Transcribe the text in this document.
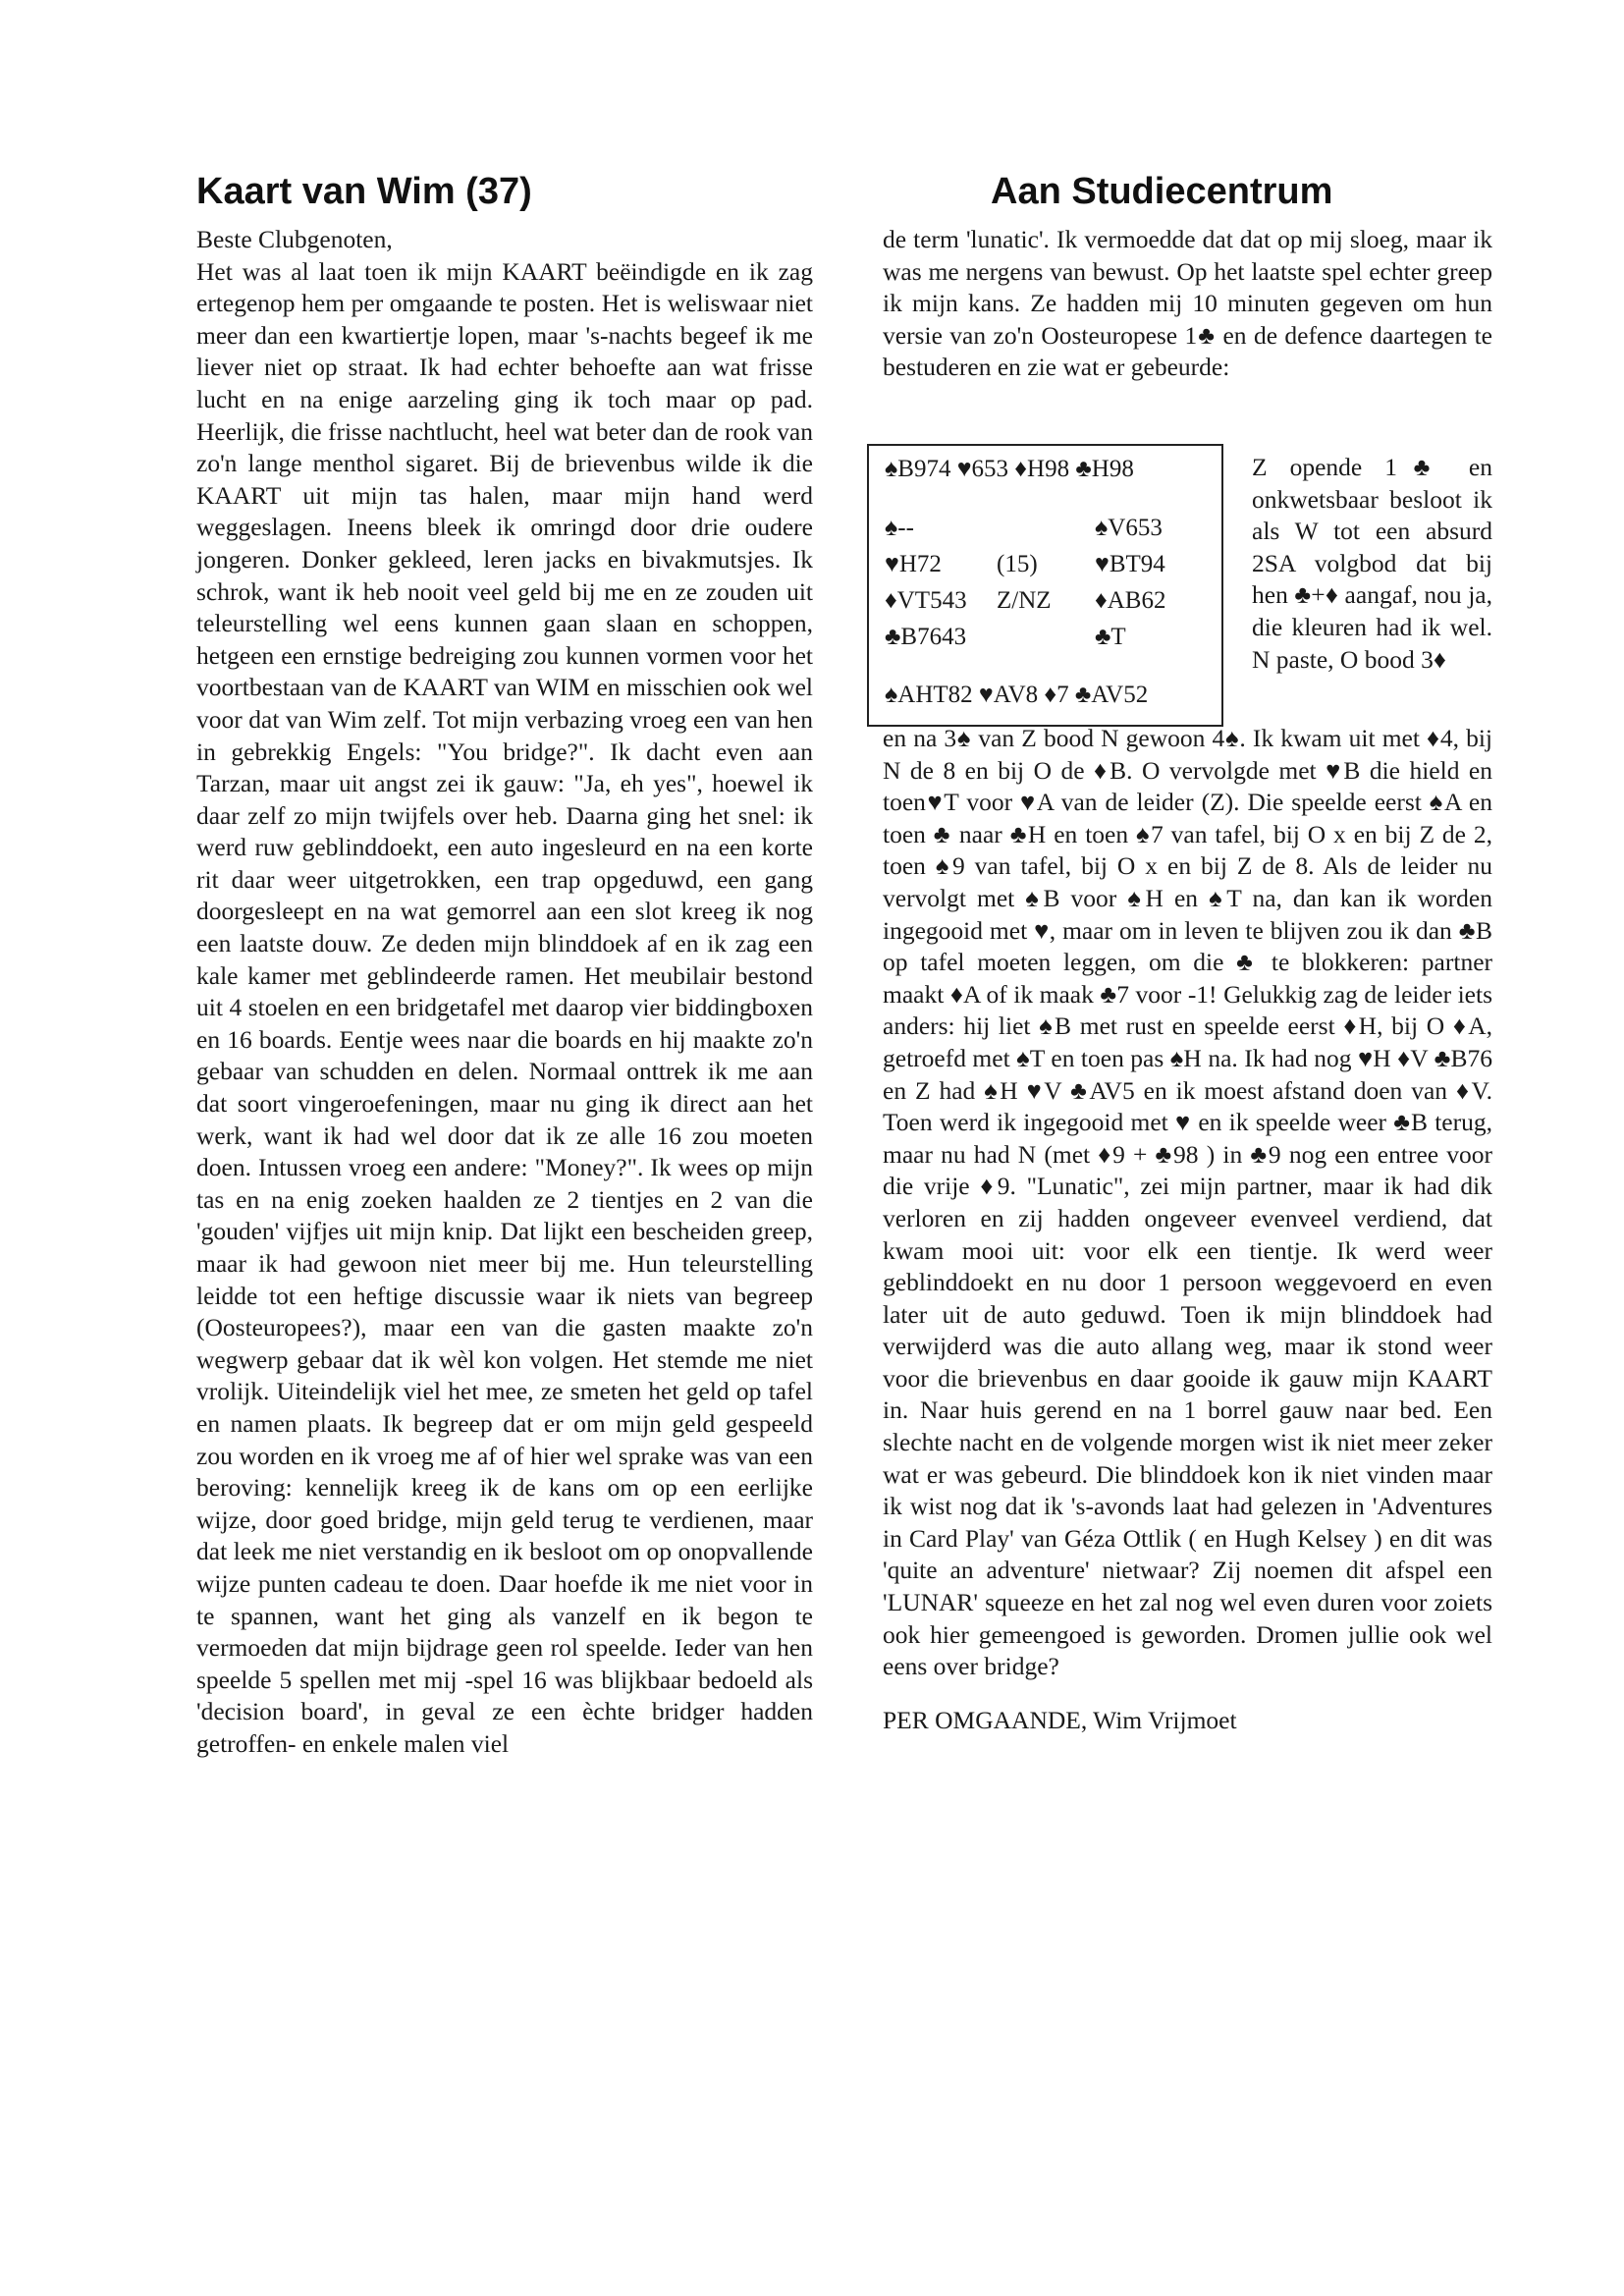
Kaart van Wim (37)	Aan Studiecentrum

Beste Clubgenoten,
Het was al laat toen ik mijn KAART beëindigde en ik zag ertegenop hem per omgaande te posten. Het is weliswaar niet meer dan een kwartiertje lopen, maar 's-nachts begeef ik me liever niet op straat. Ik had echter behoefte aan wat frisse lucht en na enige aarzeling ging ik toch maar op pad. Heerlijk, die frisse nachtlucht, heel wat beter dan de rook van zo'n lange menthol sigaret. Bij de brievenbus wilde ik die KAART uit mijn tas halen, maar mijn hand werd weggeslagen. Ineens bleek ik omringd door drie oudere jongeren. Donker gekleed, leren jacks en bivakmutsjes. Ik schrok, want ik heb nooit veel geld bij me en ze zouden uit teleurstelling wel eens kunnen gaan slaan en schoppen, hetgeen een ernstige bedreiging zou kunnen vormen voor het voortbestaan van de KAART van WIM en misschien ook wel voor dat van Wim zelf. Tot mijn verbazing vroeg een van hen in gebrekkig Engels: "You bridge?". Ik dacht even aan Tarzan, maar uit angst zei ik gauw: "Ja, eh yes", hoewel ik daar zelf zo mijn twijfels over heb. Daarna ging het snel: ik werd ruw geblinddoekt, een auto ingesleurd en na een korte rit daar weer uitgetrokken, een trap opgeduwd, een gang doorgesleept en na wat gemorrel aan een slot kreeg ik nog een laatste douw. Ze deden mijn blinddoek af en ik zag een kale kamer met geblindeerde ramen. Het meubilair bestond uit 4 stoelen en een bridgetafel met daarop vier biddingboxen en 16 boards. Eentje wees naar die boards en hij maakte zo'n gebaar van schudden en delen. Normaal onttrek ik me aan dat soort vingeroefeningen, maar nu ging ik direct aan het werk, want ik had wel door dat ik ze alle 16 zou moeten doen. Intussen vroeg een andere: "Money?". Ik wees op mijn tas en na enig zoeken haalden ze 2 tientjes en 2 van die 'gouden' vijfjes uit mijn knip. Dat lijkt een bescheiden greep, maar ik had gewoon niet meer bij me. Hun teleurstelling leidde tot een heftige discussie waar ik niets van begreep (Oosteuropees?), maar een van die gasten maakte zo'n wegwerp gebaar dat ik wèl kon volgen. Het stemde me niet vrolijk. Uiteindelijk viel het mee, ze smeten het geld op tafel en namen plaats. Ik begreep dat er om mijn geld gespeeld zou worden en ik vroeg me af of hier wel sprake was van een beroving: kennelijk kreeg ik de kans om op een eerlijke wijze, door goed bridge, mijn geld terug te verdienen, maar dat leek me niet verstandig en ik besloot om op onopvallende wijze punten cadeau te doen. Daar hoefde ik me niet voor in te spannen, want het ging als vanzelf en ik begon te vermoeden dat mijn bijdrage geen rol speelde. Ieder van hen speelde 5 spellen met mij -spel 16 was blijkbaar bedoeld als 'decision board', in geval ze een èchte bridger hadden getroffen- en enkele malen viel

de term 'lunatic'. Ik vermoedde dat dat op mij sloeg, maar ik was me nergens van bewust. Op het laatste spel echter greep ik mijn kans. Ze hadden mij 10 minuten gegeven om hun versie van zo'n Oosteuropese 1♣ en de defence daartegen te bestuderen en zie wat er gebeurde:

♠B974 ♥653 ♦H98 ♣H98
♠--
♥H72
♦VT543
♣B7643
(15)
Z/NZ
♠V653
♥BT94
♦AB62
♣T
♠AHT82 ♥AV8 ♦7 ♣AV52
Z opende 1♣ en onkwetsbaar besloot ik als W tot een absurd 2SA volgbod dat bij hen ♣+♦ aangaf, nou ja, die kleuren had ik wel. N paste, O bood 3♦

en na 3♠ van Z bood N gewoon 4♠. Ik kwam uit met ♦4, bij N de 8 en bij O de ♦B. O vervolgde met ♥B die hield en toen♥T voor ♥A van de leider (Z). Die speelde eerst ♠A en toen ♣ naar ♣H en toen ♠7 van tafel, bij O x en bij Z de 2, toen ♠9 van tafel, bij O x en bij Z de 8. Als de leider nu vervolgt met ♠B voor ♠H en ♠T na, dan kan ik worden ingegooid met ♥, maar om in leven te blijven zou ik dan ♣B op tafel moeten leggen, om die ♣ te blokkeren: partner maakt ♦A of ik maak ♣7 voor -1! Gelukkig zag de leider iets anders: hij liet ♠B met rust en speelde eerst ♦H, bij O ♦A, getroefd met ♠T en toen pas ♠H na. Ik had nog ♥H ♦V ♣B76 en Z had ♠H ♥V ♣AV5 en ik moest afstand doen van ♦V. Toen werd ik ingegooid met ♥ en ik speelde weer ♣B terug, maar nu had N (met ♦9 + ♣98 ) in ♣9 nog een entree voor die vrije ♦9. "Lunatic", zei mijn partner, maar ik had dik verloren en zij hadden ongeveer evenveel verdiend, dat kwam mooi uit: voor elk een tientje. Ik werd weer geblinddoekt en nu door 1 persoon weggevoerd en even later uit de auto geduwd. Toen ik mijn blinddoek had verwijderd was die auto allang weg, maar ik stond weer voor die brievenbus en daar gooide ik gauw mijn KAART in. Naar huis gerend en na 1 borrel gauw naar bed. Een slechte nacht en de volgende morgen wist ik niet meer zeker wat er was gebeurd. Die blinddoek kon ik niet vinden maar ik wist nog dat ik 's-avonds laat had gelezen in 'Adventures in Card Play' van Géza Ottlik ( en Hugh Kelsey ) en dit was 'quite an adventure' nietwaar? Zij noemen dit afspel een 'LUNAR' squeeze en het zal nog wel even duren voor zoiets ook hier gemeengoed is geworden. Dromen jullie ook wel eens over bridge?

PER OMGAANDE, Wim Vrijmoet
